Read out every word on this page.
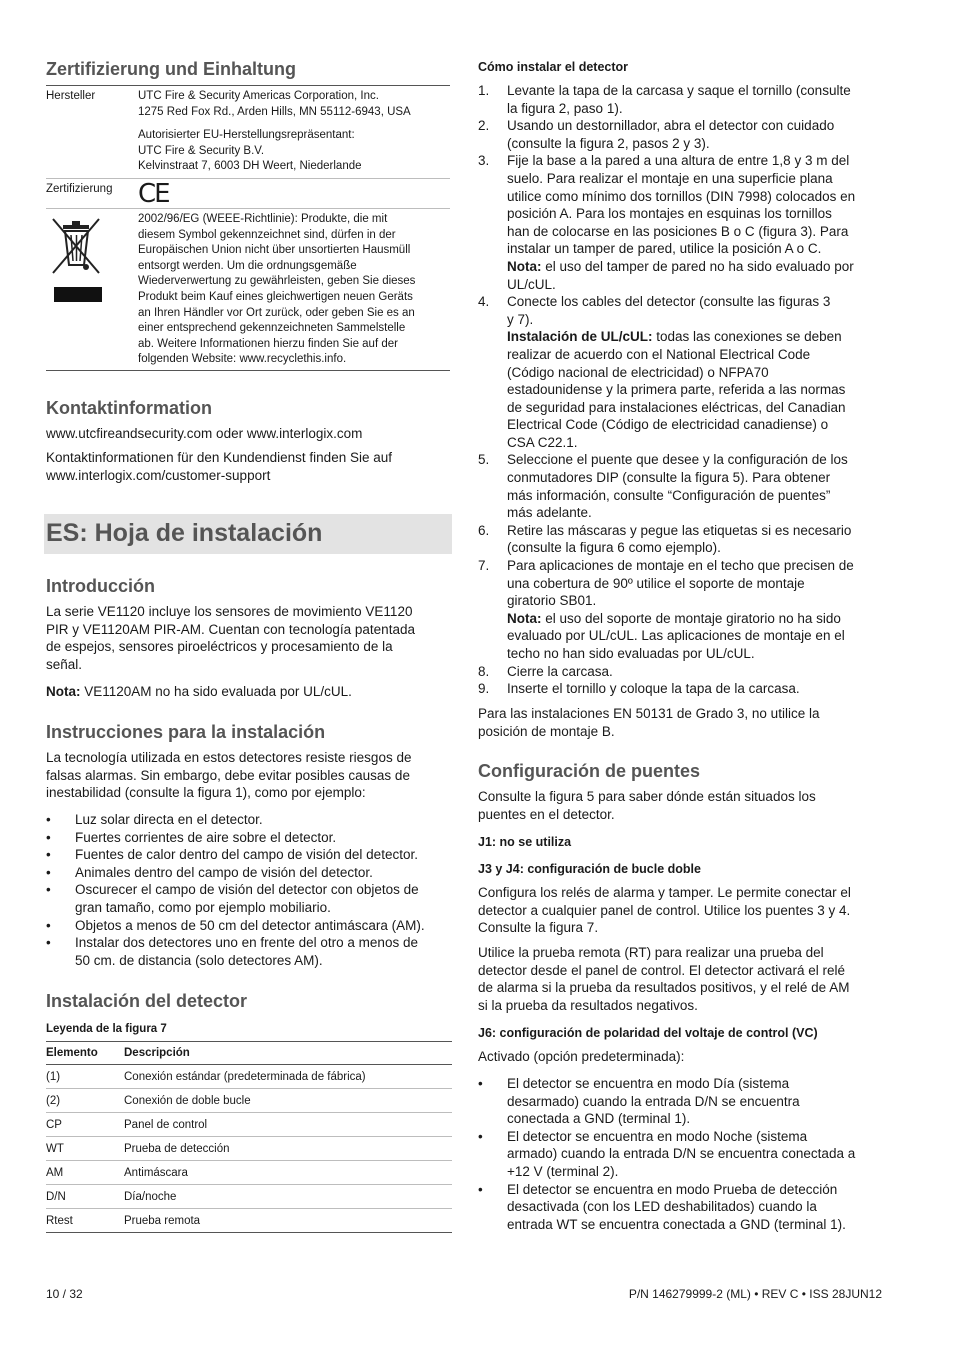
Zertifizierung und Einhaltung
Hersteller	UTC Fire & Security Americas Corporation, Inc.
1275 Red Fox Rd., Arden Hills, MN 55112-6943, USA
Autorisierter EU-Herstellungsrepräsentant:
UTC Fire & Security B.V.
Kelvinstraat 7, 6003 DH Weert, Niederlande
Zertifizierung CE
2002/96/EG (WEEE-Richtlinie): Produkte, die mit
diesem Symbol gekennzeichnet sind, dürfen in der
Europäischen Union nicht über unsortierten Hausmüll
entsorgt werden. Um die ordnungsgemäße
Wiederverwertung zu gewährleisten, geben Sie dieses
Produkt beim Kauf eines gleichwertigen neuen Geräts
an Ihren Händler vor Ort zurück, oder geben Sie es an
einer entsprechend gekennzeichneten Sammelstelle
ab. Weitere Informationen hierzu finden Sie auf der
folgenden Website: www.recyclethis.info.
Kontaktinformation

www.utcfireandsecurity.com oder www.interlogix.com

Kontaktinformationen für den Kundendienst finden Sie auf

www.interlogix.com/customer-support

ES: Hoja de instalación
Introducción

La serie VE1120 incluye los sensores de movimiento VE1120

PIR y VE1120AM PIR-AM. Cuentan con tecnología patentada

de espejos, sensores piroeléctricos y procesamiento de la

señal.

Nota: VE1120AM no ha sido evaluada por UL/cUL.

Instrucciones para la instalación

La tecnología utilizada en estos detectores resiste riesgos de

falsas alarmas. Sin embargo, debe evitar posibles causas de

inestabilidad (consulte la figura 1), como por ejemplo:

• Luz solar directa en el detector.
• Fuertes corrientes de aire sobre el detector.
• Fuentes de calor dentro del campo de visión del detector.
• Animales dentro del campo de visión del detector.
• Oscurecer el campo de visión del detector con objetos de
gran tamaño, como por ejemplo mobiliario.
• Objetos a menos de 50 cm del detector antimáscara (AM).
• Instalar dos detectores uno en frente del otro a menos de
50 cm. de distancia (solo detectores AM).
Instalación del detector
Leyenda de la figura 7
Elemento	Descripción
(1)	Conexión estándar (predeterminada de fábrica)
(2)	Conexión de doble bucle
CP	Panel de control
WT	Prueba de detección
AM	Antimáscara
D/N	Día/noche
Rtest	Prueba remota
Cómo instalar el detector
1. Levante la tapa de la carcasa y saque el tornillo (consulte
la figura 2, paso 1).
2. Usando un destornillador, abra el detector con cuidado
(consulte la figura 2, pasos 2 y 3).
3. Fije la base a la pared a una altura de entre 1,8 y 3 m del
suelo. Para realizar el montaje en una superficie plana
utilice como mínimo dos tornillos (DIN 7998) colocados en
posición A. Para los montajes en esquinas los tornillos
han de colocarse en las posiciones B o C (figura 3). Para
instalar un tamper de pared, utilice la posición A o C.
Nota: el uso del tamper de pared no ha sido evaluado por
UL/cUL.
4. Conecte los cables del detector (consulte las figuras 3
y 7).
Instalación de UL/cUL: todas las conexiones se deben
realizar de acuerdo con el National Electrical Code
(Código nacional de electricidad) o NFPA70
estadounidense y la primera parte, referida a las normas
de seguridad para instalaciones eléctricas, del Canadian
Electrical Code (Código de electricidad canadiense) o
CSA C22.1.
5. Seleccione el puente que desee y la configuración de los
conmutadores DIP (consulte la figura 5). Para obtener
más información, consulte “Configuración de puentes”
más adelante.
6. Retire las máscaras y pegue las etiquetas si es necesario
(consulte la figura 6 como ejemplo).
7. Para aplicaciones de montaje en el techo que precisen de
una cobertura de 90º utilice el soporte de montaje
giratorio SB01.
Nota: el uso del soporte de montaje giratorio no ha sido
evaluado por UL/cUL. Las aplicaciones de montaje en el
techo no han sido evaluadas por UL/cUL.
8. Cierre la carcasa.
9. Inserte el tornillo y coloque la tapa de la carcasa.

Para las instalaciones EN 50131 de Grado 3, no utilice la

posición de montaje B.

Configuración de puentes

Consulte la figura 5 para saber dónde están situados los

puentes en el detector.

J1: no se utiliza
J3 y J4: configuración de bucle doble

Configura los relés de alarma y tamper. Le permite conectar el

detector a cualquier panel de control. Utilice los puentes 3 y 4.

Consulte la figura 7.

Utilice la prueba remota (RT) para realizar una prueba del

detector desde el panel de control. El detector activará el relé

de alarma si la prueba da resultados positivos, y el relé de AM

si la prueba da resultados negativos.

J6: configuración de polaridad del voltaje de control (VC)

Activado (opción predeterminada):

• El detector se encuentra en modo Día (sistema
desarmado) cuando la entrada D/N se encuentra
conectada a GND (terminal 1).
• El detector se encuentra en modo Noche (sistema
armado) cuando la entrada D/N se encuentra conectada a
+12 V (terminal 2).
• El detector se encuentra en modo Prueba de detección
desactivada (con los LED deshabilitados) cuando la
entrada WT se encuentra conectada a GND (terminal 1).
10 / 32	P/N 146279999-2 (ML) • REV C • ISS 28JUN12
